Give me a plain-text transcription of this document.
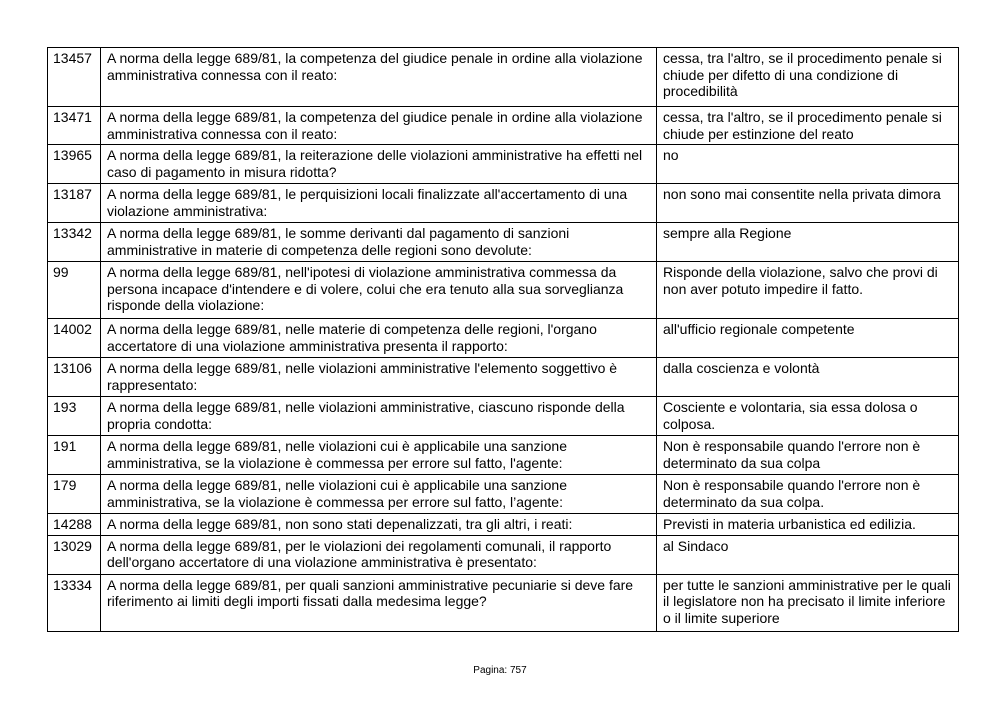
13457	A norma della legge 689/81, la competenza del giudice penale in ordine alla violazione amministrativa connessa con il reato:	cessa, tra l'altro, se il procedimento penale si chiude per difetto di una condizione di procedibilità
13471	A norma della legge 689/81, la competenza del giudice penale in ordine alla violazione amministrativa connessa con il reato:	cessa, tra l'altro, se il procedimento penale si chiude per estinzione del reato
13965	A norma della legge 689/81, la reiterazione delle violazioni amministrative ha effetti nel caso di pagamento in misura ridotta?	no
13187	A norma della legge 689/81, le perquisizioni locali finalizzate all'accertamento di una violazione amministrativa:	non sono mai consentite nella privata dimora
13342	A norma della legge 689/81, le somme derivanti dal pagamento di sanzioni amministrative in materie di competenza delle regioni sono devolute:	sempre alla Regione
99	A norma della legge 689/81, nell'ipotesi di violazione amministrativa commessa da persona incapace d'intendere e di volere, colui che era tenuto alla sua sorveglianza risponde della violazione:	Risponde della violazione, salvo che provi di non aver potuto impedire il fatto.
14002	A norma della legge 689/81, nelle materie di competenza delle regioni, l'organo accertatore di una violazione amministrativa presenta il rapporto:	all'ufficio regionale competente
13106	A norma della legge 689/81, nelle violazioni amministrative l'elemento soggettivo è rappresentato:	dalla coscienza e volontà
193	A norma della legge 689/81, nelle violazioni amministrative, ciascuno risponde della propria condotta:	Cosciente e volontaria, sia essa dolosa o colposa.
191	A norma della legge 689/81, nelle violazioni cui è applicabile una sanzione amministrativa, se la violazione è commessa per errore sul fatto, l'agente:	Non è responsabile quando l'errore non è determinato da sua colpa
179	A norma della legge 689/81, nelle violazioni cui è applicabile una sanzione amministrativa, se la violazione è commessa per errore sul fatto, l’agente:	Non è responsabile quando l'errore non è determinato da sua colpa.
14288	A norma della legge 689/81, non sono stati depenalizzati, tra gli altri, i reati:	Previsti in materia urbanistica ed edilizia.
13029	A norma della legge 689/81, per le violazioni dei regolamenti comunali, il rapporto dell'organo accertatore di una violazione amministrativa è presentato:	al Sindaco
13334	A norma della legge 689/81, per quali sanzioni amministrative pecuniarie si deve fare riferimento ai limiti degli importi fissati dalla medesima legge?	per tutte le sanzioni amministrative per le quali il legislatore non ha precisato il limite inferiore o il limite superiore
Pagina: 757
